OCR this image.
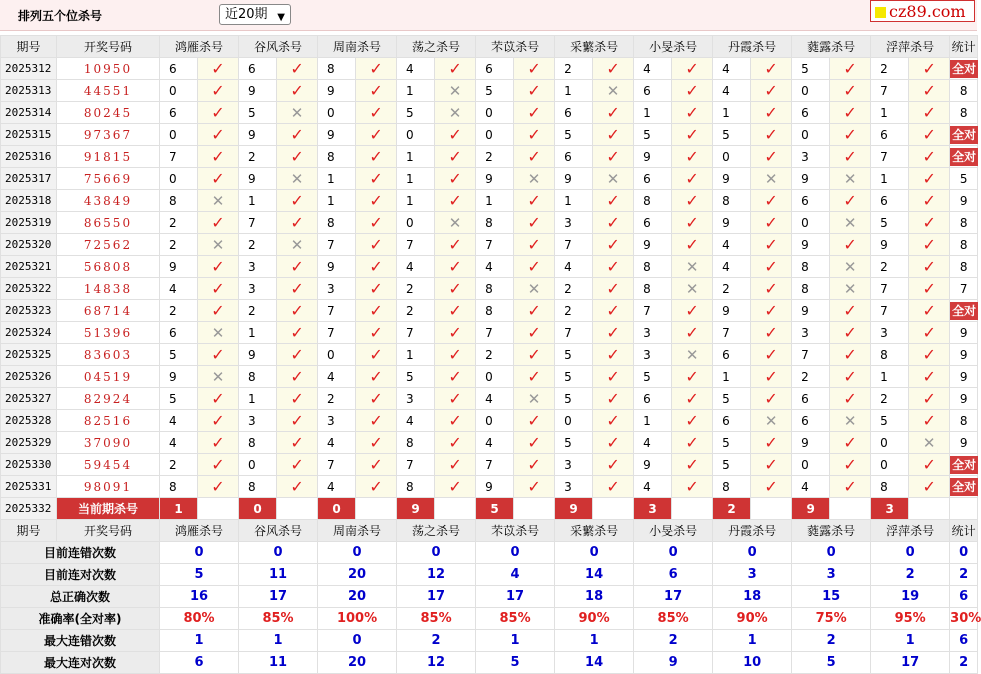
排列五个位杀号	近20期 ▼	cz89.com
期号	开奖号码	鸿雁杀号		谷风杀号		周南杀号		荡之杀号		芣苡杀号		采蘩杀号		小旻杀号		丹霞杀号		蕤露杀号		浮萍杀号		统计
2025312	10950	6	✓	6	✓	8	✓	4	✓	6	✓	2	✓	4	✓	4	✓	5	✓	2	✓	全对
2025313	44551	0	✓	9	✓	9	✓	1	✕	5	✓	1	✕	6	✓	4	✓	0	✓	7	✓	8
2025314	80245	6	✓	5	✕	0	✓	5	✕	0	✓	6	✓	1	✓	1	✓	6	✓	1	✓	8
2025315	97367	0	✓	9	✓	9	✓	0	✓	0	✓	5	✓	5	✓	5	✓	0	✓	6	✓	全对
2025316	91815	7	✓	2	✓	8	✓	1	✓	2	✓	6	✓	9	✓	0	✓	3	✓	7	✓	全对
2025317	75669	0	✓	9	✕	1	✓	1	✓	9	✕	9	✕	6	✓	9	✕	9	✕	1	✓	5
2025318	43849	8	✕	1	✓	1	✓	1	✓	1	✓	1	✓	8	✓	8	✓	6	✓	6	✓	9
2025319	86550	2	✓	7	✓	8	✓	0	✕	8	✓	3	✓	6	✓	9	✓	0	✕	5	✓	8
2025320	72562	2	✕	2	✕	7	✓	7	✓	7	✓	7	✓	9	✓	4	✓	9	✓	9	✓	8
2025321	56808	9	✓	3	✓	9	✓	4	✓	4	✓	4	✓	8	✕	4	✓	8	✕	2	✓	8
2025322	14838	4	✓	3	✓	3	✓	2	✓	8	✕	2	✓	8	✕	2	✓	8	✕	7	✓	7
2025323	68714	2	✓	2	✓	7	✓	2	✓	8	✓	2	✓	7	✓	9	✓	9	✓	7	✓	全对
2025324	51396	6	✕	1	✓	7	✓	7	✓	7	✓	7	✓	3	✓	7	✓	3	✓	3	✓	9
2025325	83603	5	✓	9	✓	0	✓	1	✓	2	✓	5	✓	3	✕	6	✓	7	✓	8	✓	9
2025326	04519	9	✕	8	✓	4	✓	5	✓	0	✓	5	✓	5	✓	1	✓	2	✓	1	✓	9
2025327	82924	5	✓	1	✓	2	✓	3	✓	4	✕	5	✓	6	✓	5	✓	6	✓	2	✓	9
2025328	82516	4	✓	3	✓	3	✓	4	✓	0	✓	0	✓	1	✓	6	✕	6	✕	5	✓	8
2025329	37090	4	✓	8	✓	4	✓	8	✓	4	✓	5	✓	4	✓	5	✓	9	✓	0	✕	9
2025330	59454	2	✓	0	✓	7	✓	7	✓	7	✓	3	✓	9	✓	5	✓	0	✓	0	✓	全对
2025331	98091	8	✓	8	✓	4	✓	8	✓	9	✓	3	✓	4	✓	8	✓	4	✓	8	✓	全对
2025332	当前期杀号	1		0		0		9		5		9		3		2		9		3		
期号	开奖号码	鸿雁杀号		谷风杀号		周南杀号		荡之杀号		芣苡杀号		采蘩杀号		小旻杀号		丹霞杀号		蕤露杀号		浮萍杀号		统计
目前连错次数		0		0		0		0		0		0		0		0		0		0		0
目前连对次数		5		11		20		12		4		14		6		3		3		2		2
总正确次数		16		17		20		17		17		18		17		18		15		19		6
准确率(全对率)		80%		85%		100%		85%		85%		90%		85%		90%		75%		95%		30%
最大连错次数		1		1		0		2		1		1		2		1		2		1		6
最大连对次数		6		11		20		12		5		14		9		10		5		17		2
